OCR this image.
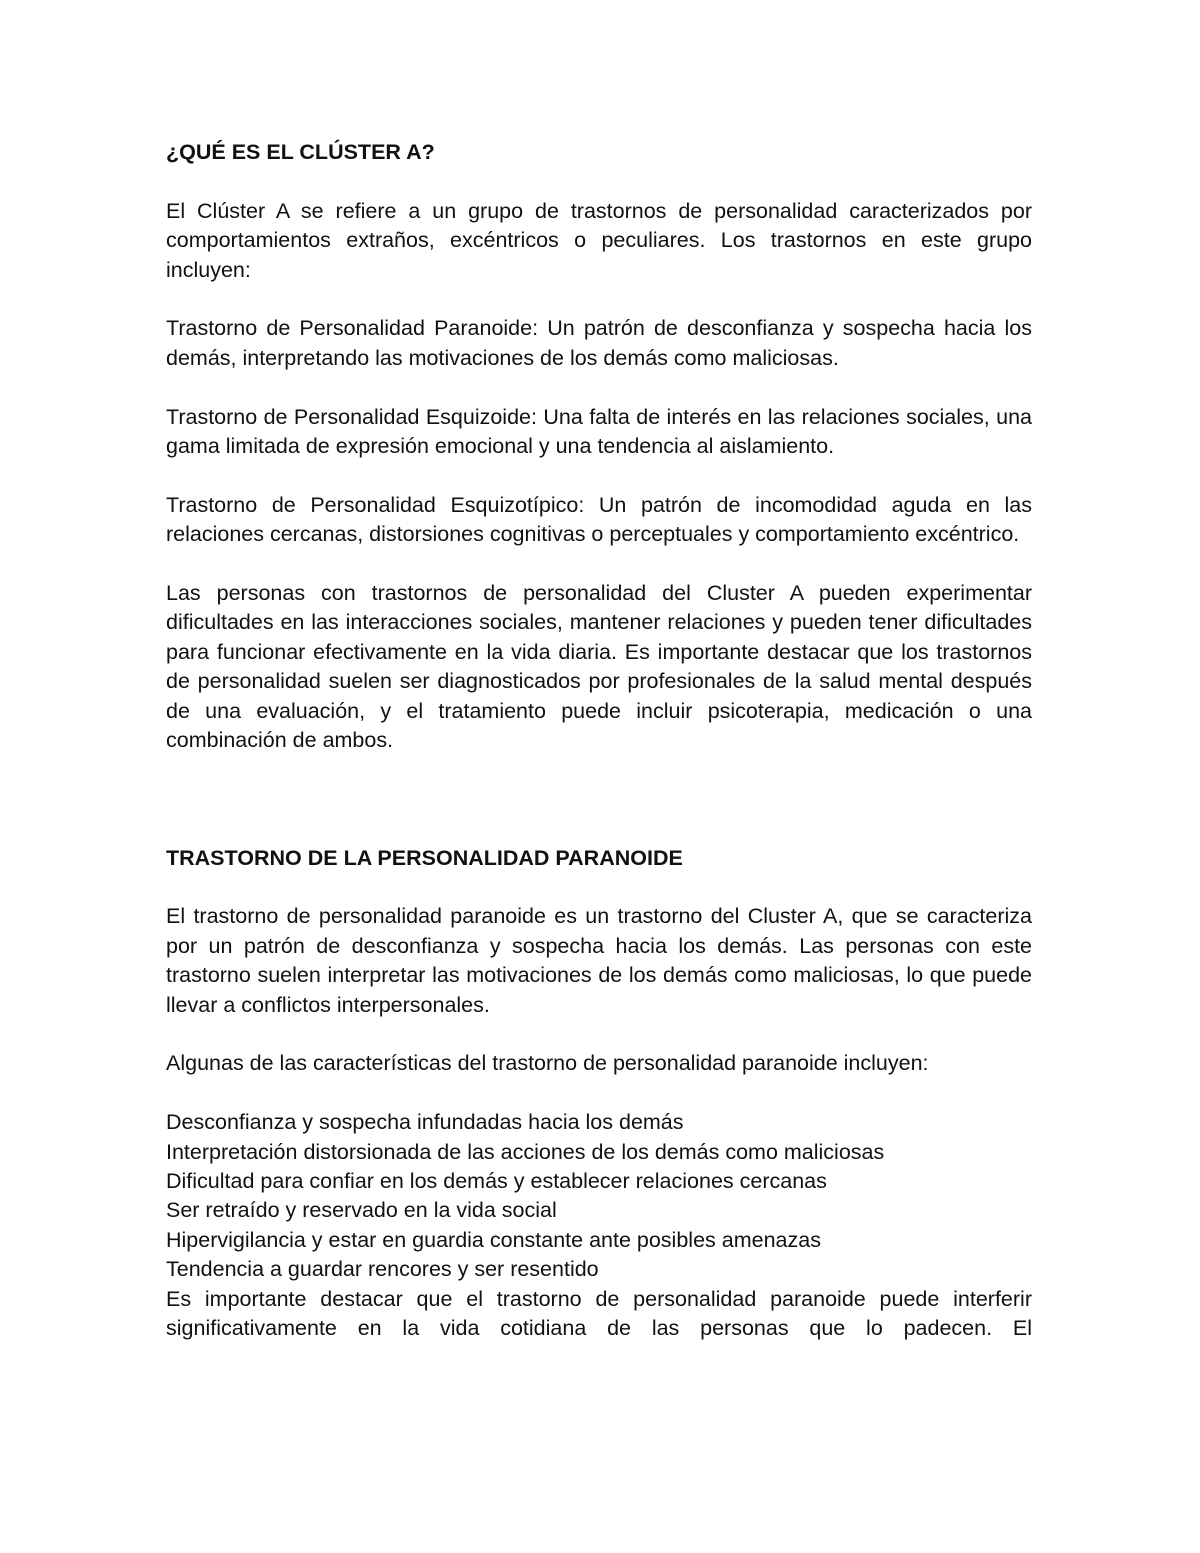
¿QUÉ ES EL CLÚSTER A?

El Clúster A se refiere a un grupo de trastornos de personalidad caracterizados por comportamientos extraños, excéntricos o peculiares. Los trastornos en este grupo incluyen:

Trastorno de Personalidad Paranoide: Un patrón de desconfianza y sospecha hacia los demás, interpretando las motivaciones de los demás como maliciosas.

Trastorno de Personalidad Esquizoide: Una falta de interés en las relaciones sociales, una gama limitada de expresión emocional y una tendencia al aislamiento.

Trastorno de Personalidad Esquizotípico: Un patrón de incomodidad aguda en las relaciones cercanas, distorsiones cognitivas o perceptuales y comportamiento excéntrico.

Las personas con trastornos de personalidad del Cluster A pueden experimentar dificultades en las interacciones sociales, mantener relaciones y pueden tener dificultades para funcionar efectivamente en la vida diaria. Es importante destacar que los trastornos de personalidad suelen ser diagnosticados por profesionales de la salud mental después de una evaluación, y el tratamiento puede incluir psicoterapia, medicación o una combinación de ambos.

TRASTORNO DE LA PERSONALIDAD PARANOIDE

El trastorno de personalidad paranoide es un trastorno del Cluster A, que se caracteriza por un patrón de desconfianza y sospecha hacia los demás. Las personas con este trastorno suelen interpretar las motivaciones de los demás como maliciosas, lo que puede llevar a conflictos interpersonales.

Algunas de las características del trastorno de personalidad paranoide incluyen:

Desconfianza y sospecha infundadas hacia los demás
Interpretación distorsionada de las acciones de los demás como maliciosas
Dificultad para confiar en los demás y establecer relaciones cercanas
Ser retraído y reservado en la vida social
Hipervigilancia y estar en guardia constante ante posibles amenazas
Tendencia a guardar rencores y ser resentido

Es importante destacar que el trastorno de personalidad paranoide puede interferir significativamente en la vida cotidiana de las personas que lo padecen. El
